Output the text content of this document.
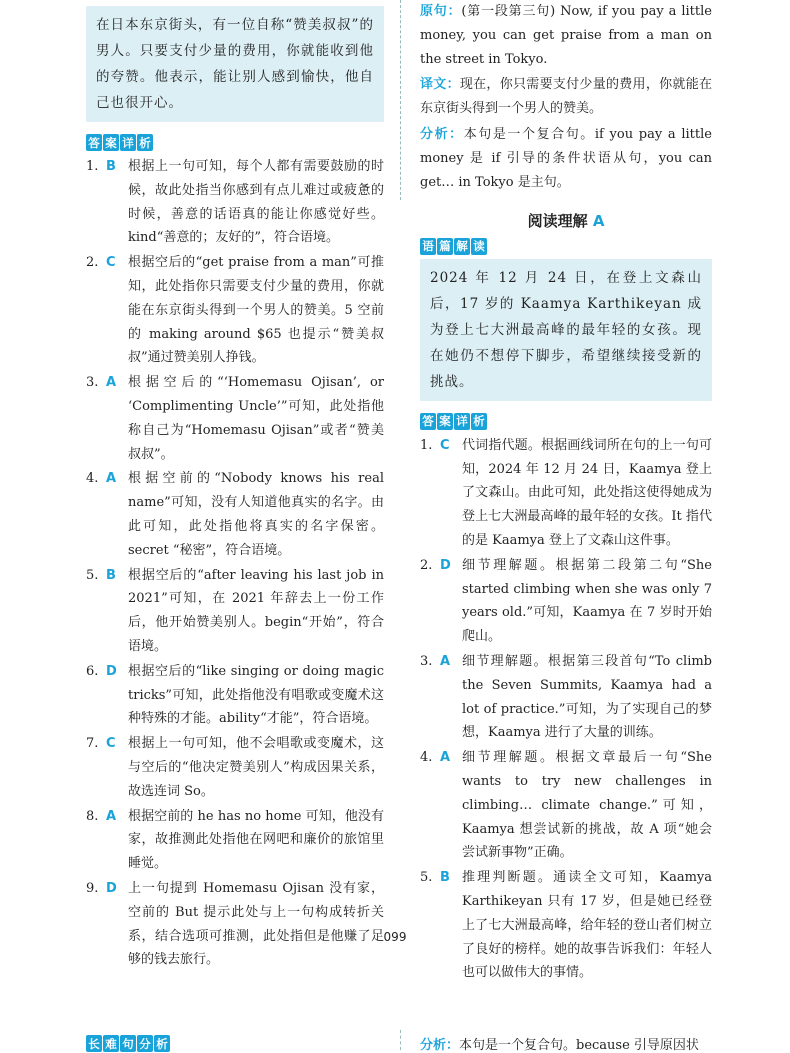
在日本东京街头，有一位自称“赞美叔叔”的男人。只要支付少量的费用，你就能收到他的夸赞。他表示，能让别人感到愉快，他自己也很开心。
答 案 详 析
1. B 根据上一句可知，每个人都有需要鼓励的时候，故此处指当你感到有点儿难过或疲惫的时候，善意的话语真的能让你感觉好些。kind“善意的；友好的”，符合语境。
2. C 根据空后的“get praise from a man”可推知，此处指你只需要支付少量的费用，你就能在东京街头得到一个男人的赞美。5 空前的 making around $65 也提示“赞美叔叔”通过赞美别人挣钱。
3. A 根据空后的“‘Homemasu Ojisan’, or ‘Complimenting Uncle’”可知，此处指他称自己为“Homemasu Ojisan”或者“赞美叔叔”。
4. A 根据空前的“Nobody knows his real name”可知，没有人知道他真实的名字。由此可知，此处指他将真实的名字保密。secret “秘密”，符合语境。
5. B 根据空后的“after leaving his last job in 2021”可知，在 2021 年辞去上一份工作后，他开始赞美别人。begin“开始”，符合语境。
6. D 根据空后的“like singing or doing magic tricks”可知，此处指他没有唱歌或变魔术这种特殊的才能。ability“才能”，符合语境。
7. C 根据上一句可知，他不会唱歌或变魔术，这与空后的“他决定赞美别人”构成因果关系，故选连词 So。
8. A 根据空前的 he has no home 可知，他没有家，故推测此处指他在网吧和廉价的旅馆里睡觉。
9. D 上一句提到 Homemasu Ojisan 没有家，空前的 But 提示此处与上一句构成转折关系，结合选项可推测，此处指但是他赚了足够的钱去旅行。

原句：(第一段第三句) Now, if you pay a little money, you can get praise from a man on the street in Tokyo.

译文：现在，你只需要支付少量的费用，你就能在东京街头得到一个男人的赞美。

分析：本句是一个复合句。if you pay a little money 是 if 引导的条件状语从句，you can get… in Tokyo 是主句。

阅读理解 A
语 篇 解 读
2024 年 12 月 24 日，在登上文森山后，17 岁的 Kaamya Karthikeyan 成为登上七大洲最高峰的最年轻的女孩。现在她仍不想停下脚步，希望继续接受新的挑战。
答 案 详 析
1. C 代词指代题。根据画线词所在句的上一句可知，2024 年 12 月 24 日，Kaamya 登上了文森山。由此可知，此处指这使得她成为登上七大洲最高峰的最年轻的女孩。It 指代的是 Kaamya 登上了文森山这件事。
2. D 细节理解题。根据第二段第二句“She started climbing when she was only 7 years old.”可知，Kaamya 在 7 岁时开始爬山。
3. A 细节理解题。根据第三段首句“To climb the Seven Summits, Kaamya had a lot of practice.”可知，为了实现自己的梦想，Kaamya 进行了大量的训练。
4. A 细节理解题。根据文章最后一句“She wants to try new challenges in climbing… climate change.”可知，Kaamya 想尝试新的挑战，故 A 项“她会尝试新事物”正确。
5. B 推理判断题。通读全文可知，Kaamya Karthikeyan 只有 17 岁，但是她已经登上了七大洲最高峰，给年轻的登山者们树立了良好的榜样。她的故事告诉我们：年轻人也可以做伟大的事情。
099
长 难 句 分 析	分析：本句是一个复合句。because 引导原因状
